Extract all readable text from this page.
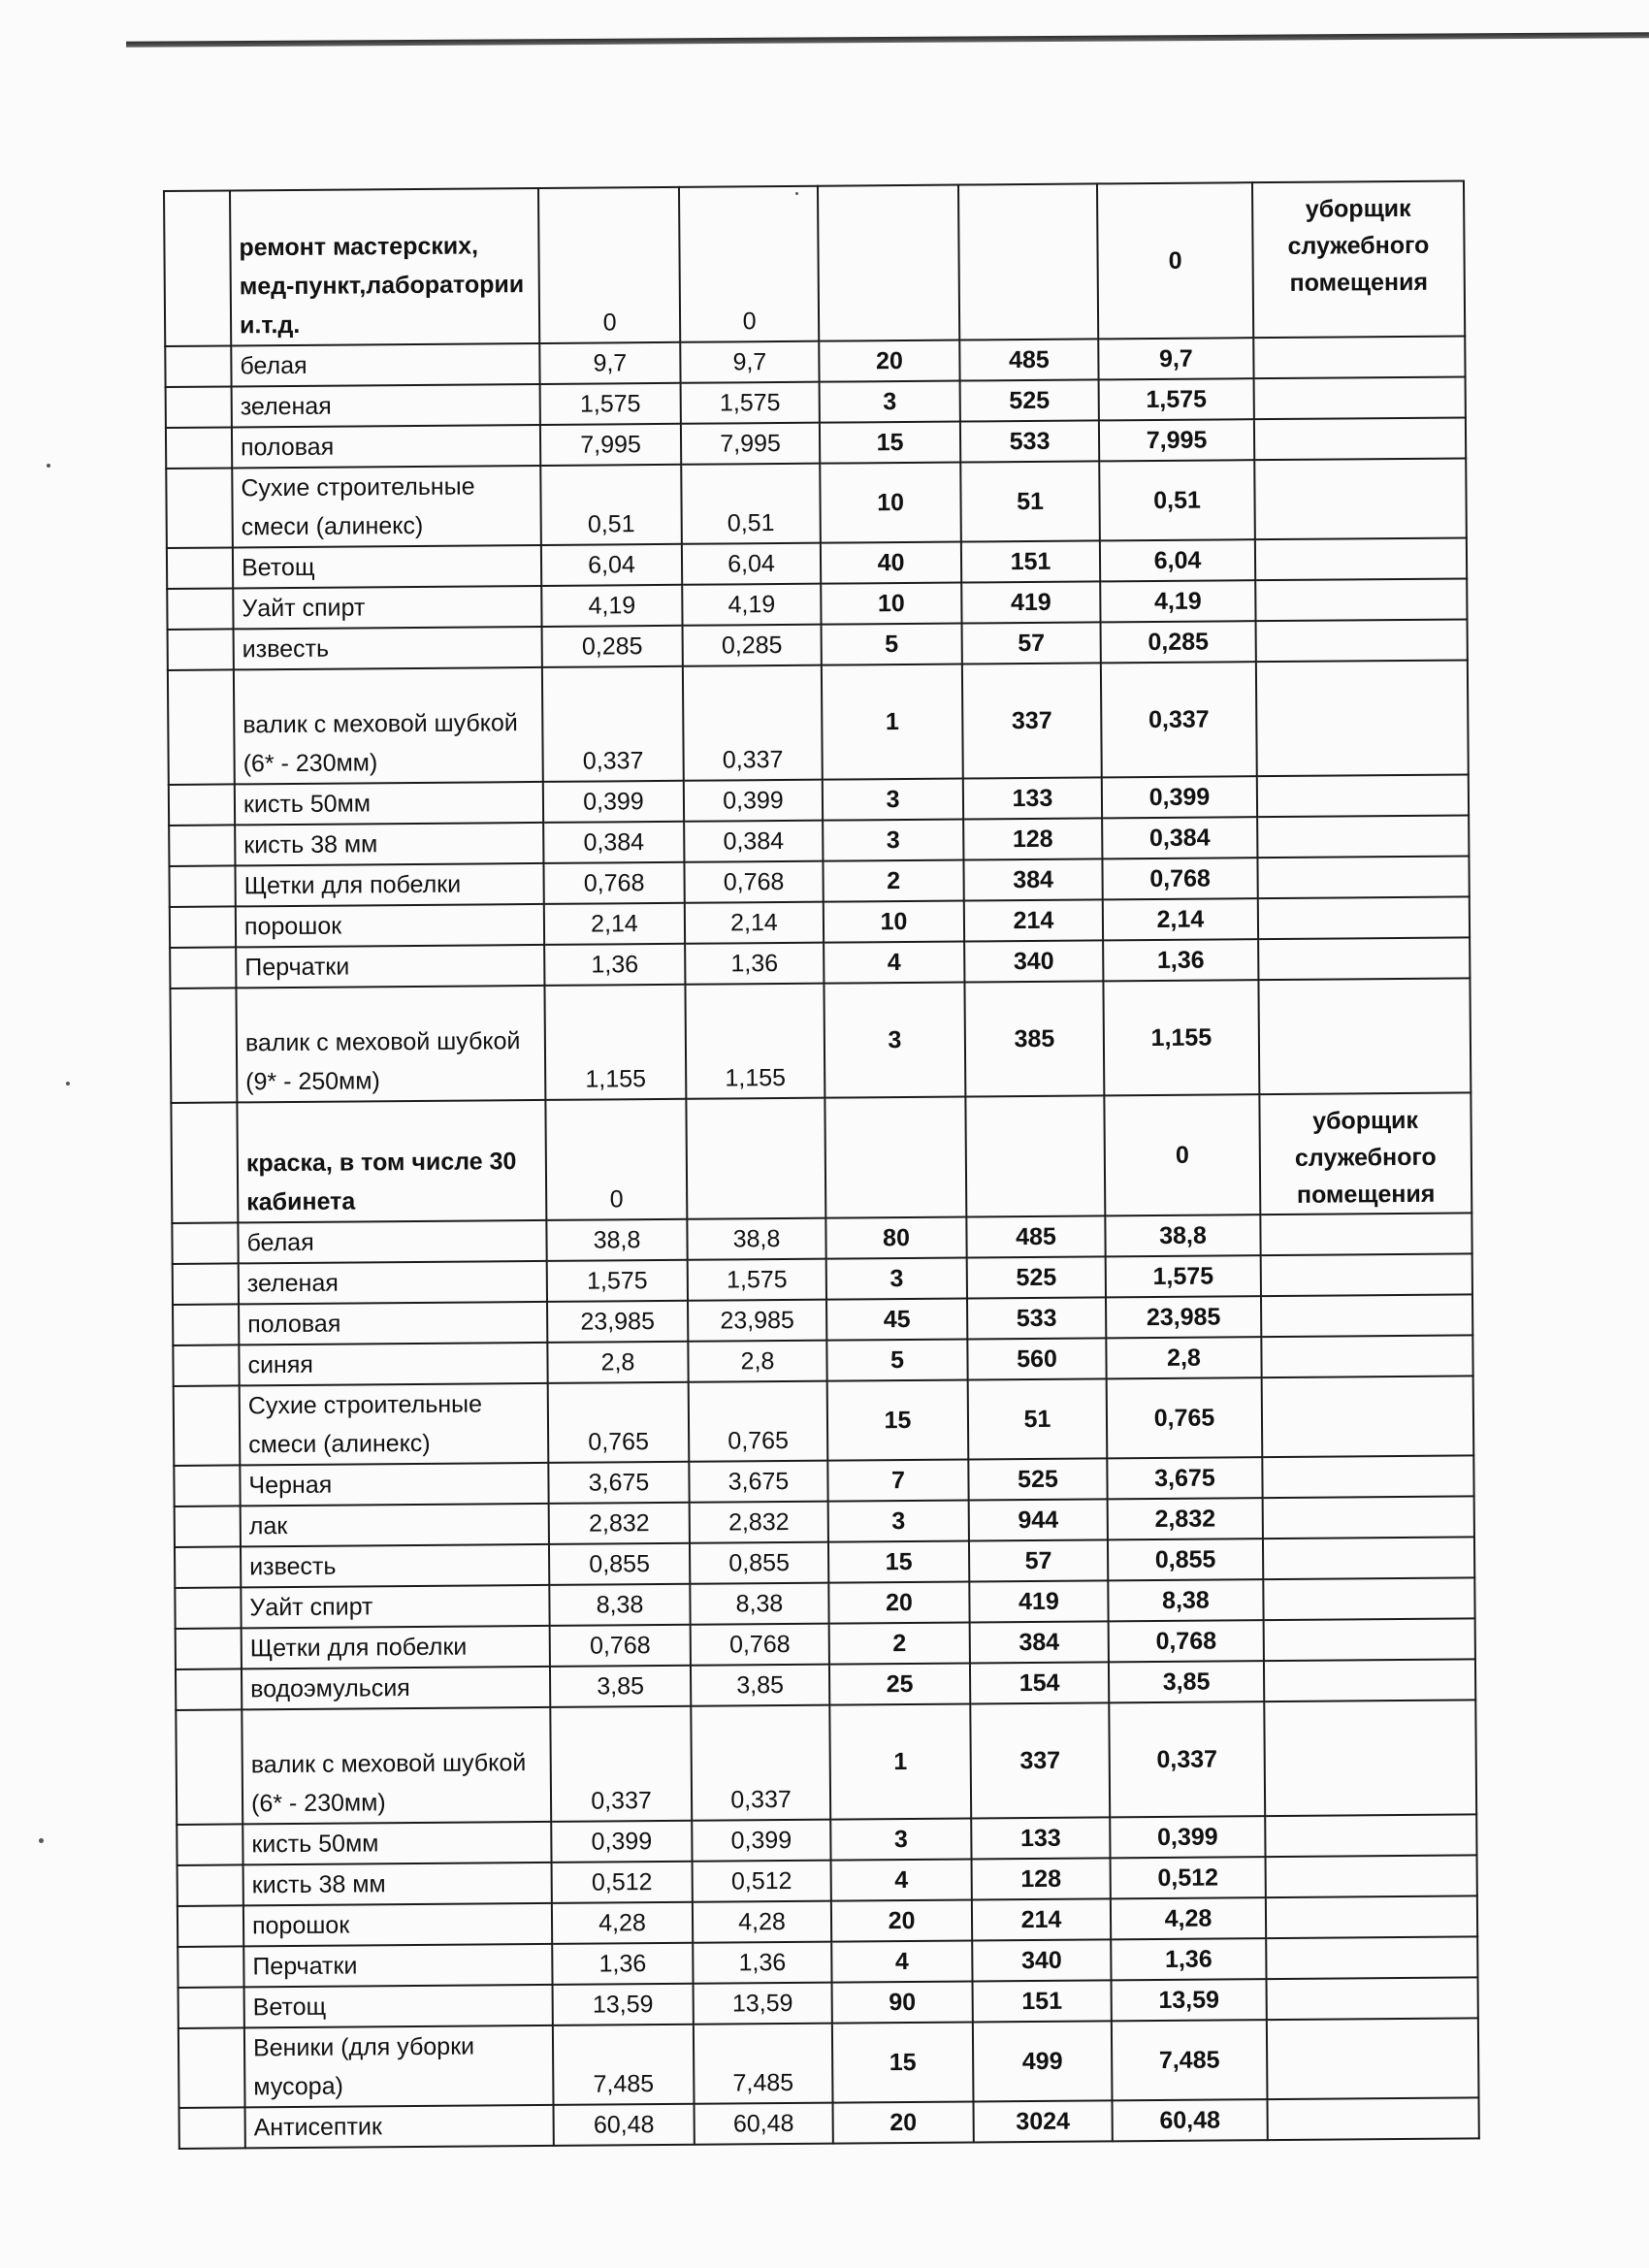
	ремонт мастерских, мед-пункт,лаборатории и.т.д.	0	0			0	уборщик служебного помещения
	белая	9,7	9,7	20	485	9,7	
	зеленая	1,575	1,575	3	525	1,575	
	половая	7,995	7,995	15	533	7,995	
	Сухие строительные смеси (алинекс)	0,51	0,51	10	51	0,51	
	Ветощ	6,04	6,04	40	151	6,04	
	Уайт спирт	4,19	4,19	10	419	4,19	
	известь	0,285	0,285	5	57	0,285	
	валик с меховой шубкой (6* - 230мм)	0,337	0,337	1	337	0,337	
	кисть 50мм	0,399	0,399	3	133	0,399	
	кисть 38 мм	0,384	0,384	3	128	0,384	
	Щетки для побелки	0,768	0,768	2	384	0,768	
	порошок	2,14	2,14	10	214	2,14	
	Перчатки	1,36	1,36	4	340	1,36	
	валик с меховой шубкой (9* - 250мм)	1,155	1,155	3	385	1,155	
	краска, в том числе 30 кабинета	0				0	уборщик служебного помещения
	белая	38,8	38,8	80	485	38,8	
	зеленая	1,575	1,575	3	525	1,575	
	половая	23,985	23,985	45	533	23,985	
	синяя	2,8	2,8	5	560	2,8	
	Сухие строительные смеси (алинекс)	0,765	0,765	15	51	0,765	
	Черная	3,675	3,675	7	525	3,675	
	лак	2,832	2,832	3	944	2,832	
	известь	0,855	0,855	15	57	0,855	
	Уайт спирт	8,38	8,38	20	419	8,38	
	Щетки для побелки	0,768	0,768	2	384	0,768	
	водоэмульсия	3,85	3,85	25	154	3,85	
	валик с меховой шубкой (6* - 230мм)	0,337	0,337	1	337	0,337	
	кисть 50мм	0,399	0,399	3	133	0,399	
	кисть 38 мм	0,512	0,512	4	128	0,512	
	порошок	4,28	4,28	20	214	4,28	
	Перчатки	1,36	1,36	4	340	1,36	
	Ветощ	13,59	13,59	90	151	13,59	
	Веники (для уборки мусора)	7,485	7,485	15	499	7,485	
	Антисептик	60,48	60,48	20	3024	60,48	
